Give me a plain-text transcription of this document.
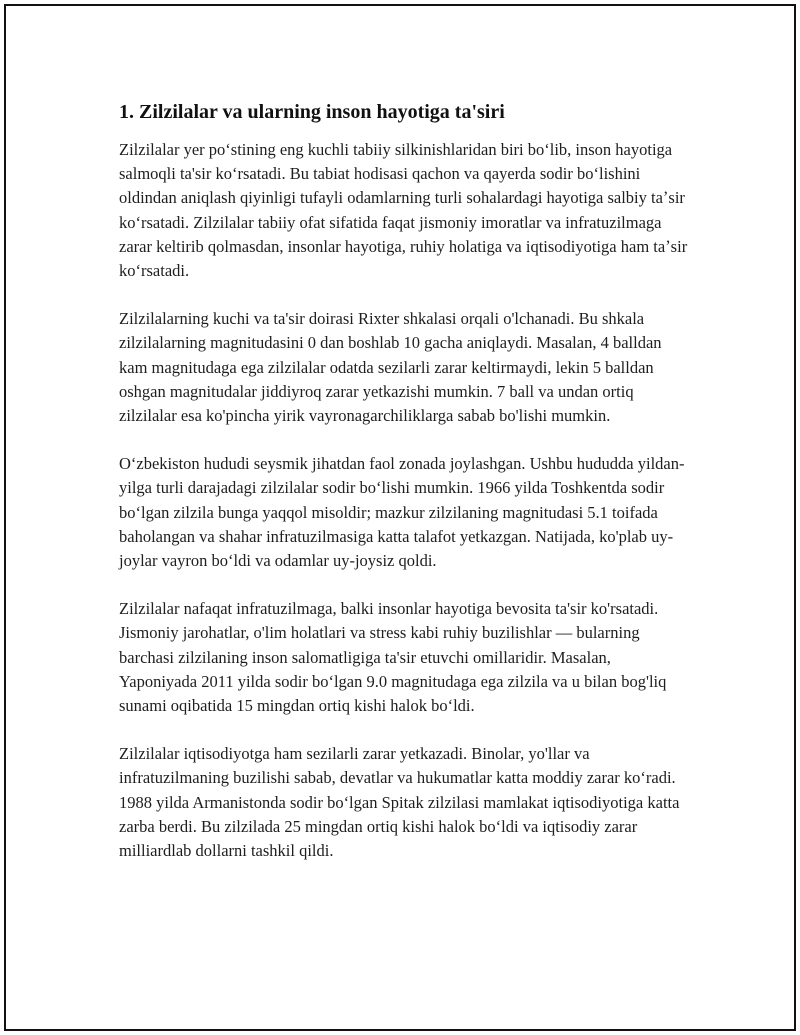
1. Zilzilalar va ularning inson hayotiga ta'siri

Zilzilalar yer poʻstining eng kuchli tabiiy silkinishlaridan biri boʻlib, inson hayotiga salmoqli ta'sir koʻrsatadi. Bu tabiat hodisasi qachon va qayerda sodir boʻlishini oldindan aniqlash qiyinligi tufayli odamlarning turli sohalardagi hayotiga salbiy taʼsir koʻrsatadi. Zilzilalar tabiiy ofat sifatida faqat jismoniy imoratlar va infratuzilmaga zarar keltirib qolmasdan, insonlar hayotiga, ruhiy holatiga va iqtisodiyotiga ham taʼsir koʻrsatadi.

Zilzilalarning kuchi va ta'sir doirasi Rixter shkalasi orqali o'lchanadi. Bu shkala zilzilalarning magnitudasini 0 dan boshlab 10 gacha aniqlaydi. Masalan, 4 balldan kam magnitudaga ega zilzilalar odatda sezilarli zarar keltirmaydi, lekin 5 balldan oshgan magnitudalar jiddiyroq zarar yetkazishi mumkin. 7 ball va undan ortiq zilzilalar esa ko'pincha yirik vayronagarchiliklarga sabab bo'lishi mumkin.

Oʻzbekiston hududi seysmik jihatdan faol zonada joylashgan. Ushbu hududda yildan-yilga turli darajadagi zilzilalar sodir boʻlishi mumkin. 1966 yilda Toshkentda sodir boʻlgan zilzila bunga yaqqol misoldir; mazkur zilzilaning magnitudasi 5.1 toifada baholangan va shahar infratuzilmasiga katta talafot yetkazgan. Natijada, ko'plab uy-joylar vayron boʻldi va odamlar uy-joysiz qoldi.

Zilzilalar nafaqat infratuzilmaga, balki insonlar hayotiga bevosita ta'sir ko'rsatadi. Jismoniy jarohatlar, o'lim holatlari va stress kabi ruhiy buzilishlar — bularning barchasi zilzilaning inson salomatligiga ta'sir etuvchi omillaridir. Masalan, Yaponiyada 2011 yilda sodir boʻlgan 9.0 magnitudaga ega zilzila va u bilan bog'liq sunami oqibatida 15 mingdan ortiq kishi halok boʻldi.

Zilzilalar iqtisodiyotga ham sezilarli zarar yetkazadi. Binolar, yo'llar va infratuzilmaning buzilishi sabab, devatlar va hukumatlar katta moddiy zarar koʻradi. 1988 yilda Armanistonda sodir boʻlgan Spitak zilzilasi mamlakat iqtisodiyotiga katta zarba berdi. Bu zilzilada 25 mingdan ortiq kishi halok boʻldi va iqtisodiy zarar milliardlab dollarni tashkil qildi.
